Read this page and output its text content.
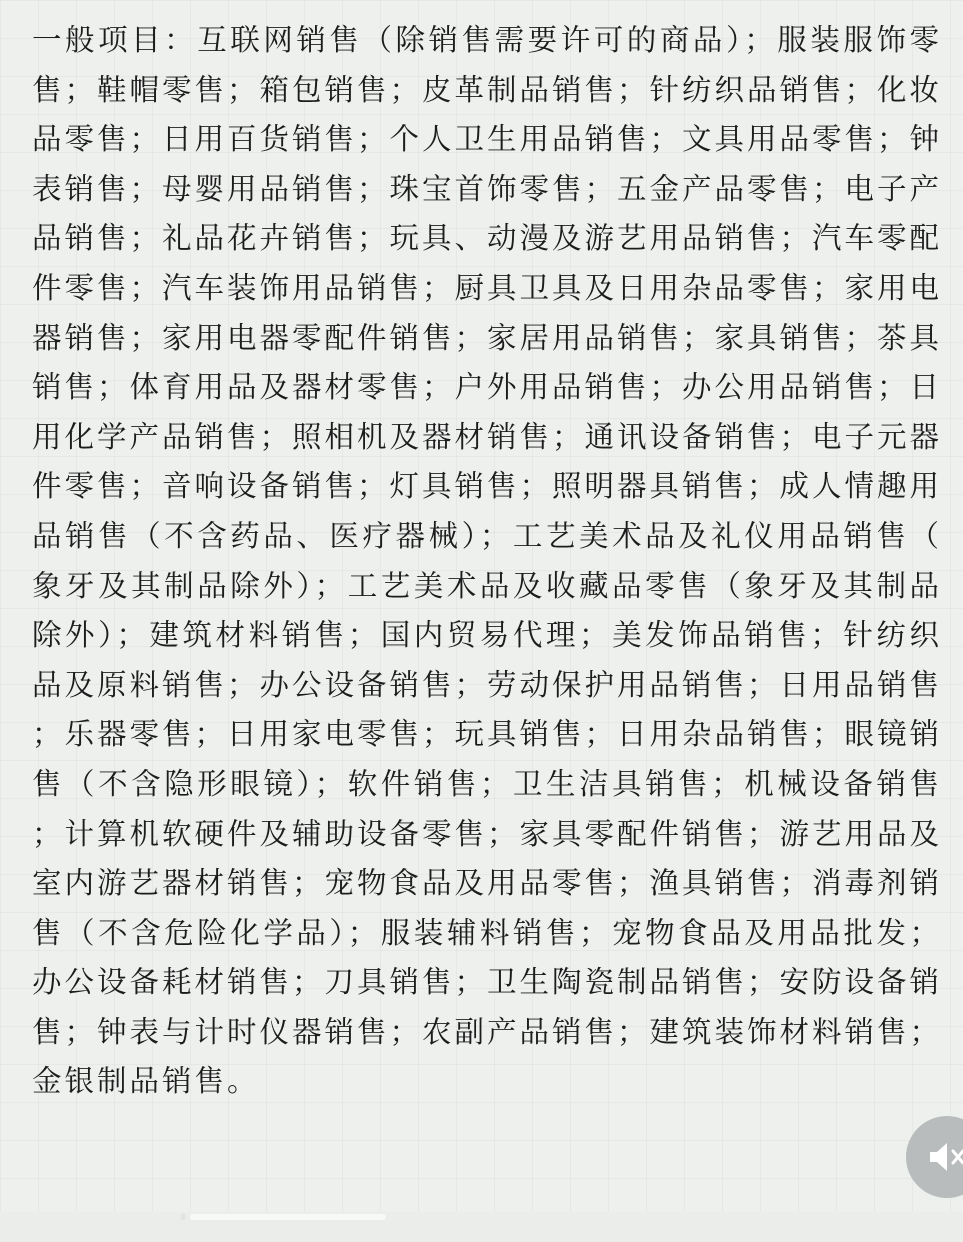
一般项目：互联网销售（除销售需要许可的商品）；服装服饰零售；鞋帽零售；箱包销售；皮革制品销售；针纺织品销售；化妆品零售；日用百货销售；个人卫生用品销售；文具用品零售；钟表销售；母婴用品销售；珠宝首饰零售；五金产品零售；电子产品销售；礼品花卉销售；玩具、动漫及游艺用品销售；汽车零配件零售；汽车装饰用品销售；厨具卫具及日用杂品零售；家用电器销售；家用电器零配件销售；家居用品销售；家具销售；茶具销售；体育用品及器材零售；户外用品销售；办公用品销售；日用化学产品销售；照相机及器材销售；通讯设备销售；电子元器件零售；音响设备销售；灯具销售；照明器具销售；成人情趣用品销售（不含药品、医疗器械）；工艺美术品及礼仪用品销售（象牙及其制品除外）；工艺美术品及收藏品零售（象牙及其制品除外）；建筑材料销售；国内贸易代理；美发饰品销售；针纺织品及原料销售；办公设备销售；劳动保护用品销售；日用品销售；乐器零售；日用家电零售；玩具销售；日用杂品销售；眼镜销售（不含隐形眼镜）；软件销售；卫生洁具销售；机械设备销售；计算机软硬件及辅助设备零售；家具零配件销售；游艺用品及室内游艺器材销售；宠物食品及用品零售；渔具销售；消毒剂销售（不含危险化学品）；服装辅料销售；宠物食品及用品批发；办公设备耗材销售；刀具销售；卫生陶瓷制品销售；安防设备销售；钟表与计时仪器销售；农副产品销售；建筑装饰材料销售；金银制品销售。
